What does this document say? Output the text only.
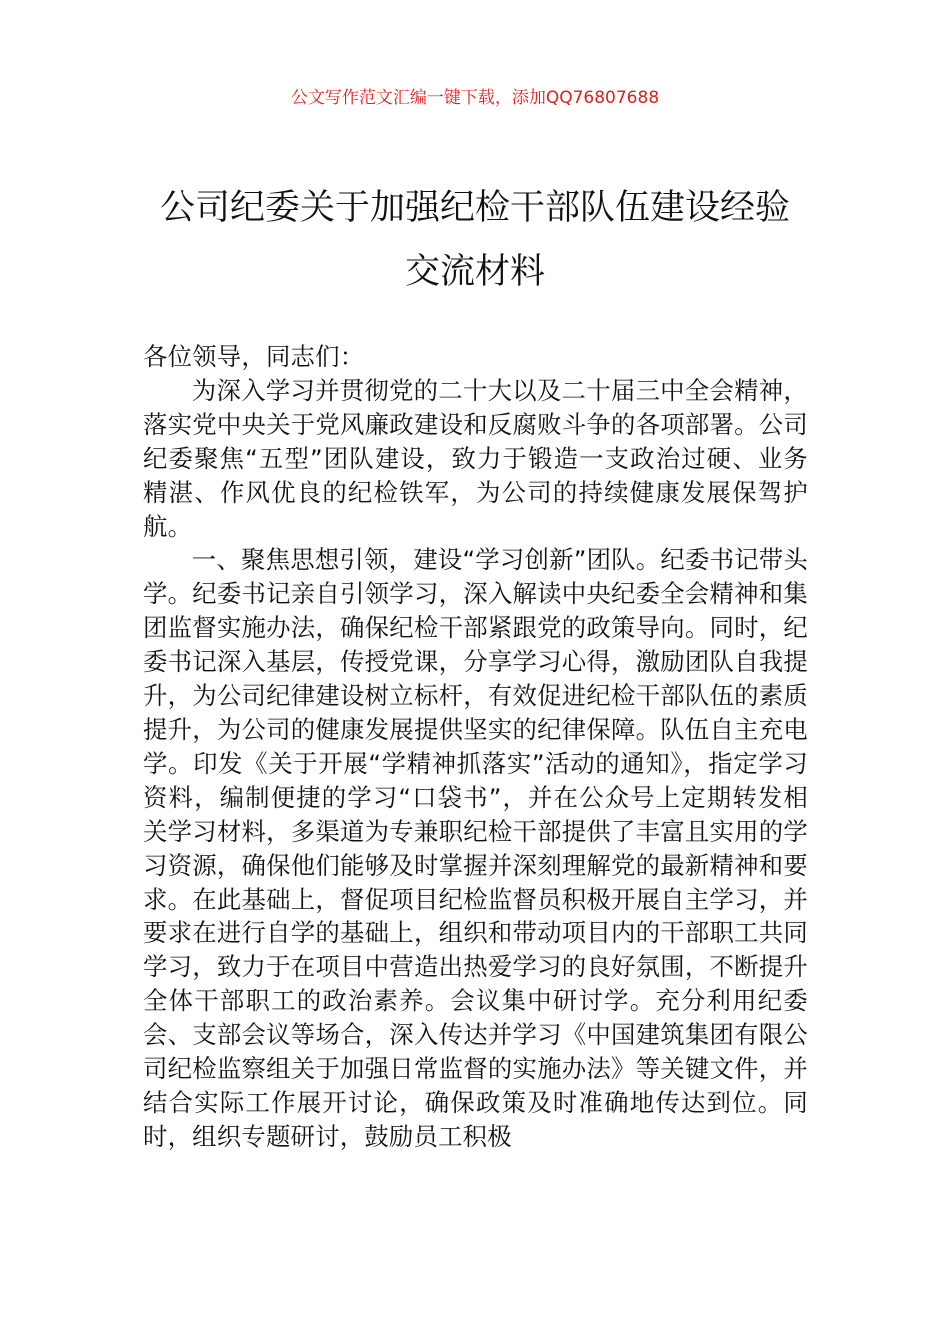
公文写作范文汇编一键下载，添加QQ76807688
公司纪委关于加强纪检干部队伍建设经验
交流材料

各位领导，同志们：

为深入学习并贯彻党的二十大以及二十届三中全会精神，落实党中央关于党风廉政建设和反腐败斗争的各项部署。公司纪委聚焦“五型”团队建设，致力于锻造一支政治过硬、业务精湛、作风优良的纪检铁军，为公司的持续健康发展保驾护航。

一、聚焦思想引领，建设“学习创新”团队。纪委书记带头学。纪委书记亲自引领学习，深入解读中央纪委全会精神和集团监督实施办法，确保纪检干部紧跟党的政策导向。同时，纪委书记深入基层，传授党课，分享学习心得，激励团队自我提升，为公司纪律建设树立标杆，有效促进纪检干部队伍的素质提升，为公司的健康发展提供坚实的纪律保障。队伍自主充电学。印发《关于开展“学精神抓落实”活动的通知》，指定学习资料，编制便捷的学习“口袋书”，并在公众号上定期转发相关学习材料，多渠道为专兼职纪检干部提供了丰富且实用的学习资源，确保他们能够及时掌握并深刻理解党的最新精神和要求。在此基础上，督促项目纪检监督员积极开展自主学习，并要求在进行自学的基础上，组织和带动项目内的干部职工共同学习，致力于在项目中营造出热爱学习的良好氛围，不断提升全体干部职工的政治素养。会议集中研讨学。充分利用纪委会、支部会议等场合，深入传达并学习《中国建筑集团有限公司纪检监察组关于加强日常监督的实施办法》等关键文件，并结合实际工作展开讨论，确保政策及时准确地传达到位。同时，组织专题研讨，鼓励员工积极
